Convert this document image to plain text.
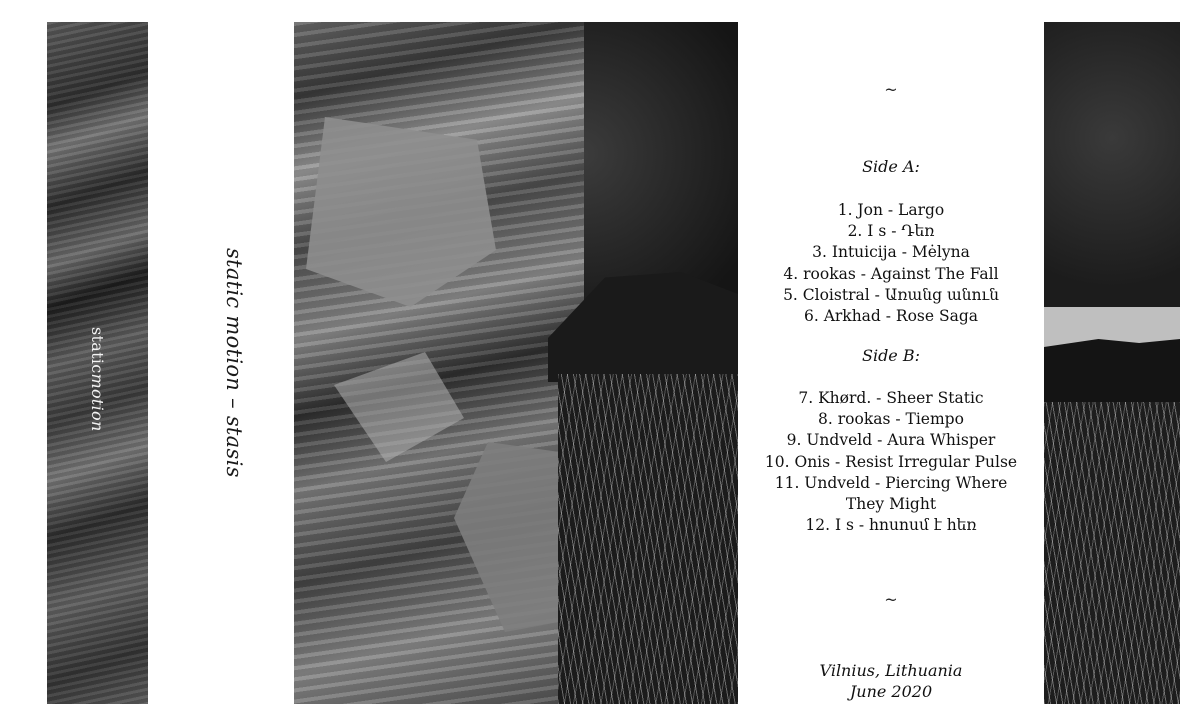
staticmotion	static motion – stasis
~
Side A:
1. Jon - Largo
2. I s - Դեռ
3. Intuicija - Mėlyna
4. rookas - Against The Fall
5. Cloistral - Առանց անուն
6. Arkhad - Rose Saga
Side B:
7. Khørd. - Sheer Static
8. rookas - Tiempo
9. Undveld - Aura Whisper
10. Onis - Resist Irregular Pulse
11. Undveld - Piercing Where
They Might
12. I s - hnunuմ է hեռ
~
Vilnius, Lithuania
June 2020
